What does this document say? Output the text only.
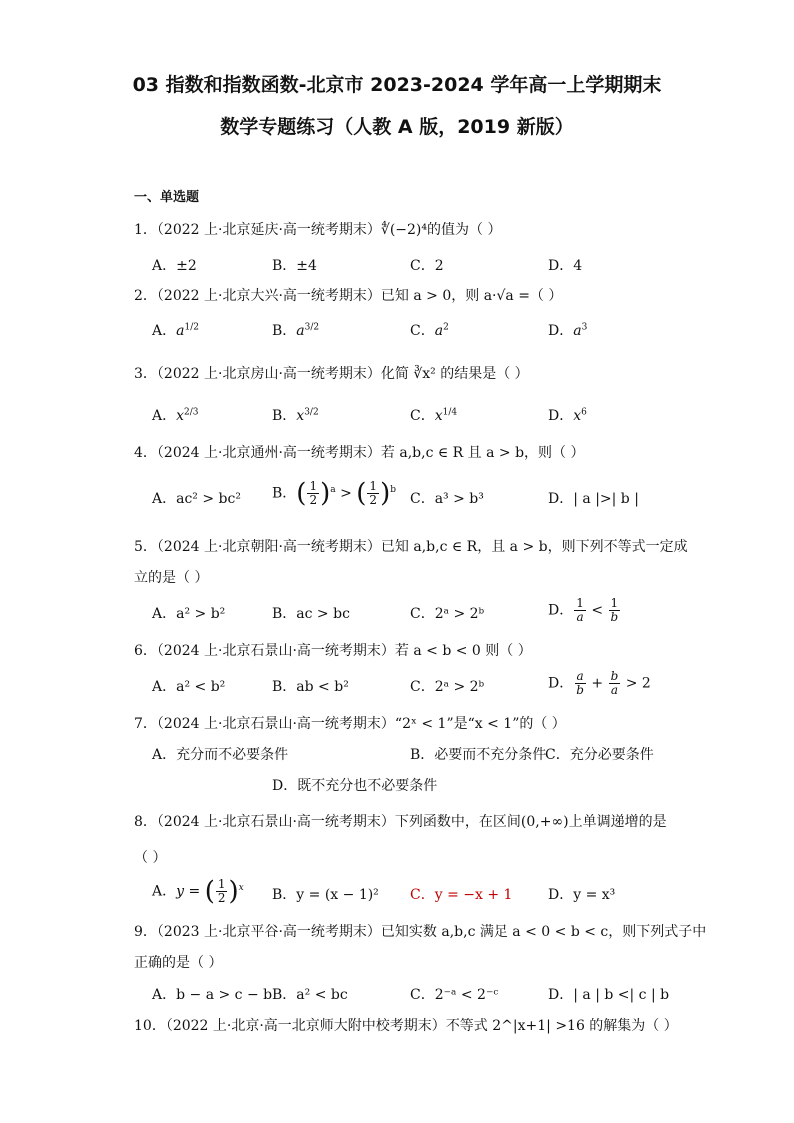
03 指数和指数函数-北京市 2023-2024 学年高一上学期期末
数学专题练习（人教 A 版，2019 新版）
一、单选题
1．（2022 上·北京延庆·高一统考期末）∜(−2)⁴的值为（ ）
A．±2	B．±4	C．2	D．4
2．（2022 上·北京大兴·高一统考期末）已知 a > 0，则 a·√a =（ ）
A．$a^{1/2}$	B．$a^{3/2}$	C．$a^2$	D．$a^3$
3．（2022 上·北京房山·高一统考期末）化简 ∛x² 的结果是（ ）
A．$x^{2/3}$	B．$x^{3/2}$	C．$x^{1/4}$	D．$x^6$
4．（2024 上·北京通州·高一统考期末）若 a,b,c ∈ R 且 a > b，则（ ）
A．ac² > bc² B．( $\frac{1}{2} )^a$ > ( $\frac{1}{2} )^b$
C．a³ > b³	D．| a |>| b |
5．（2024 上·北京朝阳·高一统考期末）已知 a,b,c ∈ R，且 a > b，则下列不等式一定成
立的是（ ）
A．a² > b²	B．ac > bc	C．2ᵃ > 2ᵇ	D． $\frac{1}{a} < \frac{1}{b}$
6．（2024 上·北京石景山·高一统考期末）若 a < b < 0 则（ ）
A．a² < b²	B．ab < b²	C．2ᵃ > 2ᵇ	D． $\frac{a}{b} + \frac{b}{a} > 2$
7．（2024 上·北京石景山·高一统考期末）“2ˣ < 1”是“x < 1”的（ ）
A．充分而不必要条件	B．必要而不充分条件
C．充分必要条件
D．既不充分也不必要条件
8．（2024 上·北京石景山·高一统考期末）下列函数中，在区间(0,+∞)上单调递增的是
（ ）
A．y = ( $\frac{1}{2} )^x$ B．y = (x − 1)² C．y = −x + 1	D．y = x³
9．（2023 上·北京平谷·高一统考期末）已知实数 a,b,c 满足 a < 0 < b < c，则下列式子中
正确的是（ ）
A．b − a > c − b B．a² < bc	C．2⁻ᵃ < 2⁻ᶜ	D．| a | b <| c | b
10．（2022 上·北京·高一北京师大附中校考期末）不等式 2^|x+1| >16 的解集为（ ）
